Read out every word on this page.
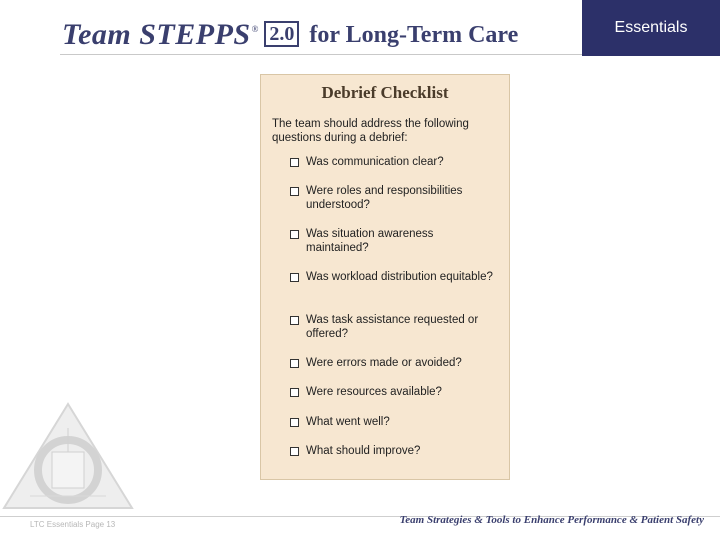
Team STEPPS® 2.0 for Long-Term Care	Essentials
Debrief Checklist
The team should address the following questions during a debrief:
Was communication clear?
Were roles and responsibilities understood?
Was situation awareness maintained?
Was workload distribution equitable?
Was task assistance requested or offered?
Were errors made or avoided?
Were resources available?
What went well?
What should improve?
LTC Essentials Page 13	Team Strategies & Tools to Enhance Performance & Patient Safety
